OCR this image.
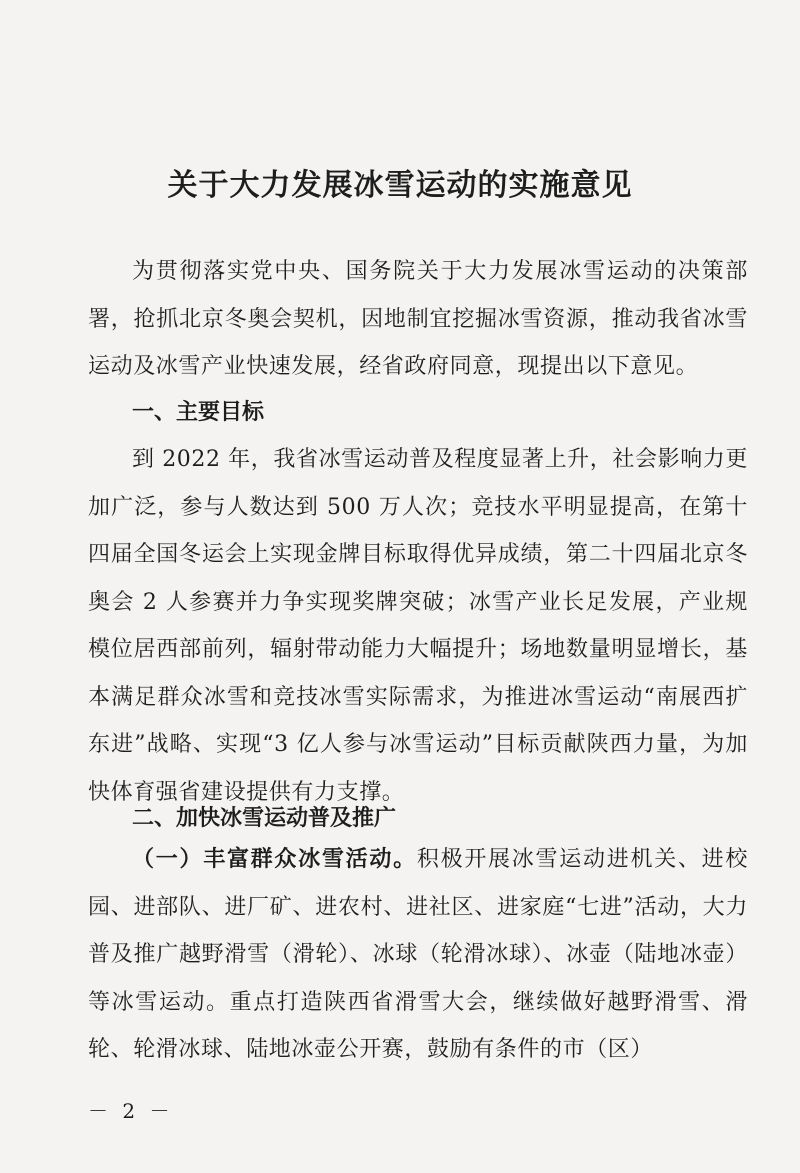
关于大力发展冰雪运动的实施意见
为贯彻落实党中央、国务院关于大力发展冰雪运动的决策部署，抢抓北京冬奥会契机，因地制宜挖掘冰雪资源，推动我省冰雪运动及冰雪产业快速发展，经省政府同意，现提出以下意见。
一、主要目标
到 2022 年，我省冰雪运动普及程度显著上升，社会影响力更加广泛，参与人数达到 500 万人次；竞技水平明显提高，在第十四届全国冬运会上实现金牌目标取得优异成绩，第二十四届北京冬奥会 2 人参赛并力争实现奖牌突破；冰雪产业长足发展，产业规模位居西部前列，辐射带动能力大幅提升；场地数量明显增长，基本满足群众冰雪和竞技冰雪实际需求，为推进冰雪运动“南展西扩东进”战略、实现“3 亿人参与冰雪运动”目标贡献陕西力量，为加快体育强省建设提供有力支撑。
二、加快冰雪运动普及推广
（一）丰富群众冰雪活动。积极开展冰雪运动进机关、进校园、进部队、进厂矿、进农村、进社区、进家庭“七进”活动，大力普及推广越野滑雪（滑轮）、冰球（轮滑冰球）、冰壶（陆地冰壶）等冰雪运动。重点打造陕西省滑雪大会，继续做好越野滑雪、滑轮、轮滑冰球、陆地冰壶公开赛，鼓励有条件的市（区）
－ 2 －
